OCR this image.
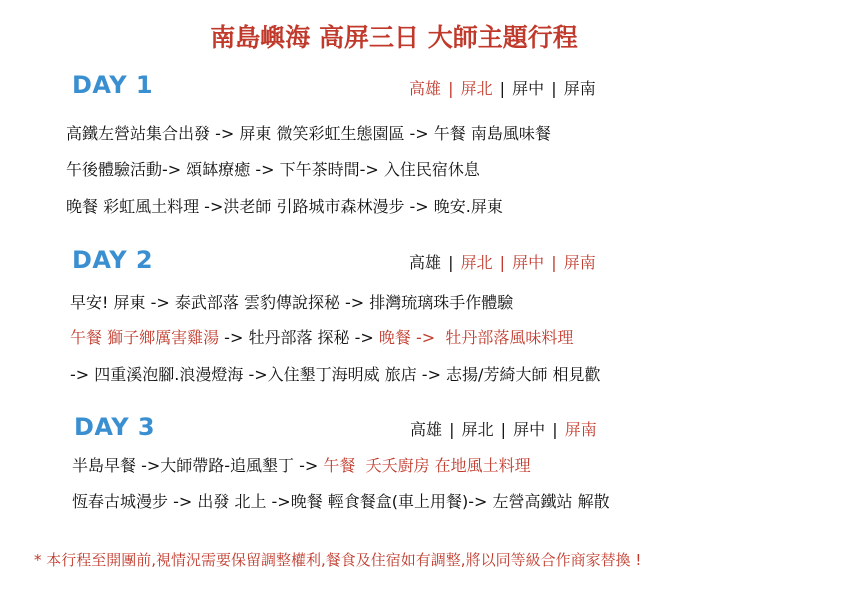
南島嶼海 高屏三日 大師主題行程
DAY 1	高雄 | 屏北 | 屏中 | 屏南
高鐵左營站集合出發 -> 屏東 微笑彩虹生態園區 -> 午餐 南島風味餐
午後體驗活動-> 頌缽療癒 -> 下午茶時間-> 入住民宿休息
晚餐 彩虹風土料理 ->洪老師 引路城市森林漫步 -> 晚安.屏東
DAY 2	高雄 | 屏北 | 屏中 | 屏南
早安! 屏東 -> 泰武部落 雲豹傳說探秘 -> 排灣琉璃珠手作體驗
午餐 獅子鄉厲害雞湯 -> 牡丹部落 探秘 -> 晚餐 ->  牡丹部落風味料理
-> 四重溪泡腳.浪漫燈海 ->入住墾丁海明威 旅店 -> 志揚/芳綺大師 相見歡
DAY 3	高雄 | 屏北 | 屏中 | 屏南
半島早餐 ->大師帶路-追風墾丁 -> 午餐  夭夭廚房 在地風土料理
恆春古城漫步 -> 出發 北上 ->晚餐 輕食餐盒(車上用餐)-> 左營高鐵站 解散
* 本行程至開團前,視情況需要保留調整權利,餐食及住宿如有調整,將以同等級合作商家替換 !
